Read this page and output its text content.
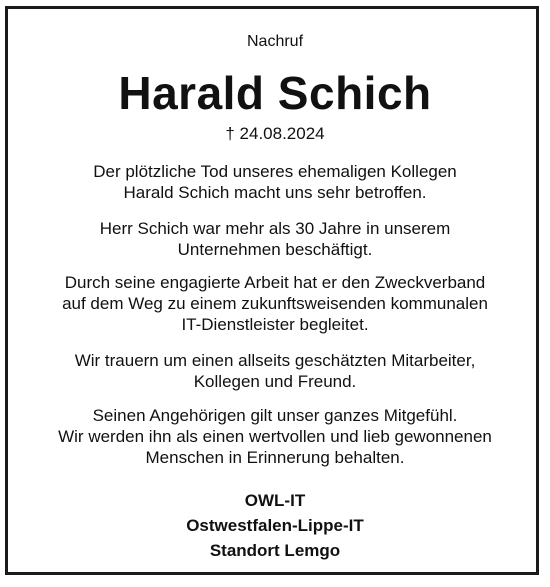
Nachruf
Harald Schich
† 24.08.2024
Der plötzliche Tod unseres ehemaligen Kollegen
Harald Schich macht uns sehr betroffen.
Herr Schich war mehr als 30 Jahre in unserem
Unternehmen beschäftigt.
Durch seine engagierte Arbeit hat er den Zweckverband
auf dem Weg zu einem zukunftsweisenden kommunalen
IT-Dienstleister begleitet.
Wir trauern um einen allseits geschätzten Mitarbeiter,
Kollegen und Freund.
Seinen Angehörigen gilt unser ganzes Mitgefühl.
Wir werden ihn als einen wertvollen und lieb gewonnenen
Menschen in Erinnerung behalten.
OWL-IT
Ostwestfalen-Lippe-IT
Standort Lemgo
